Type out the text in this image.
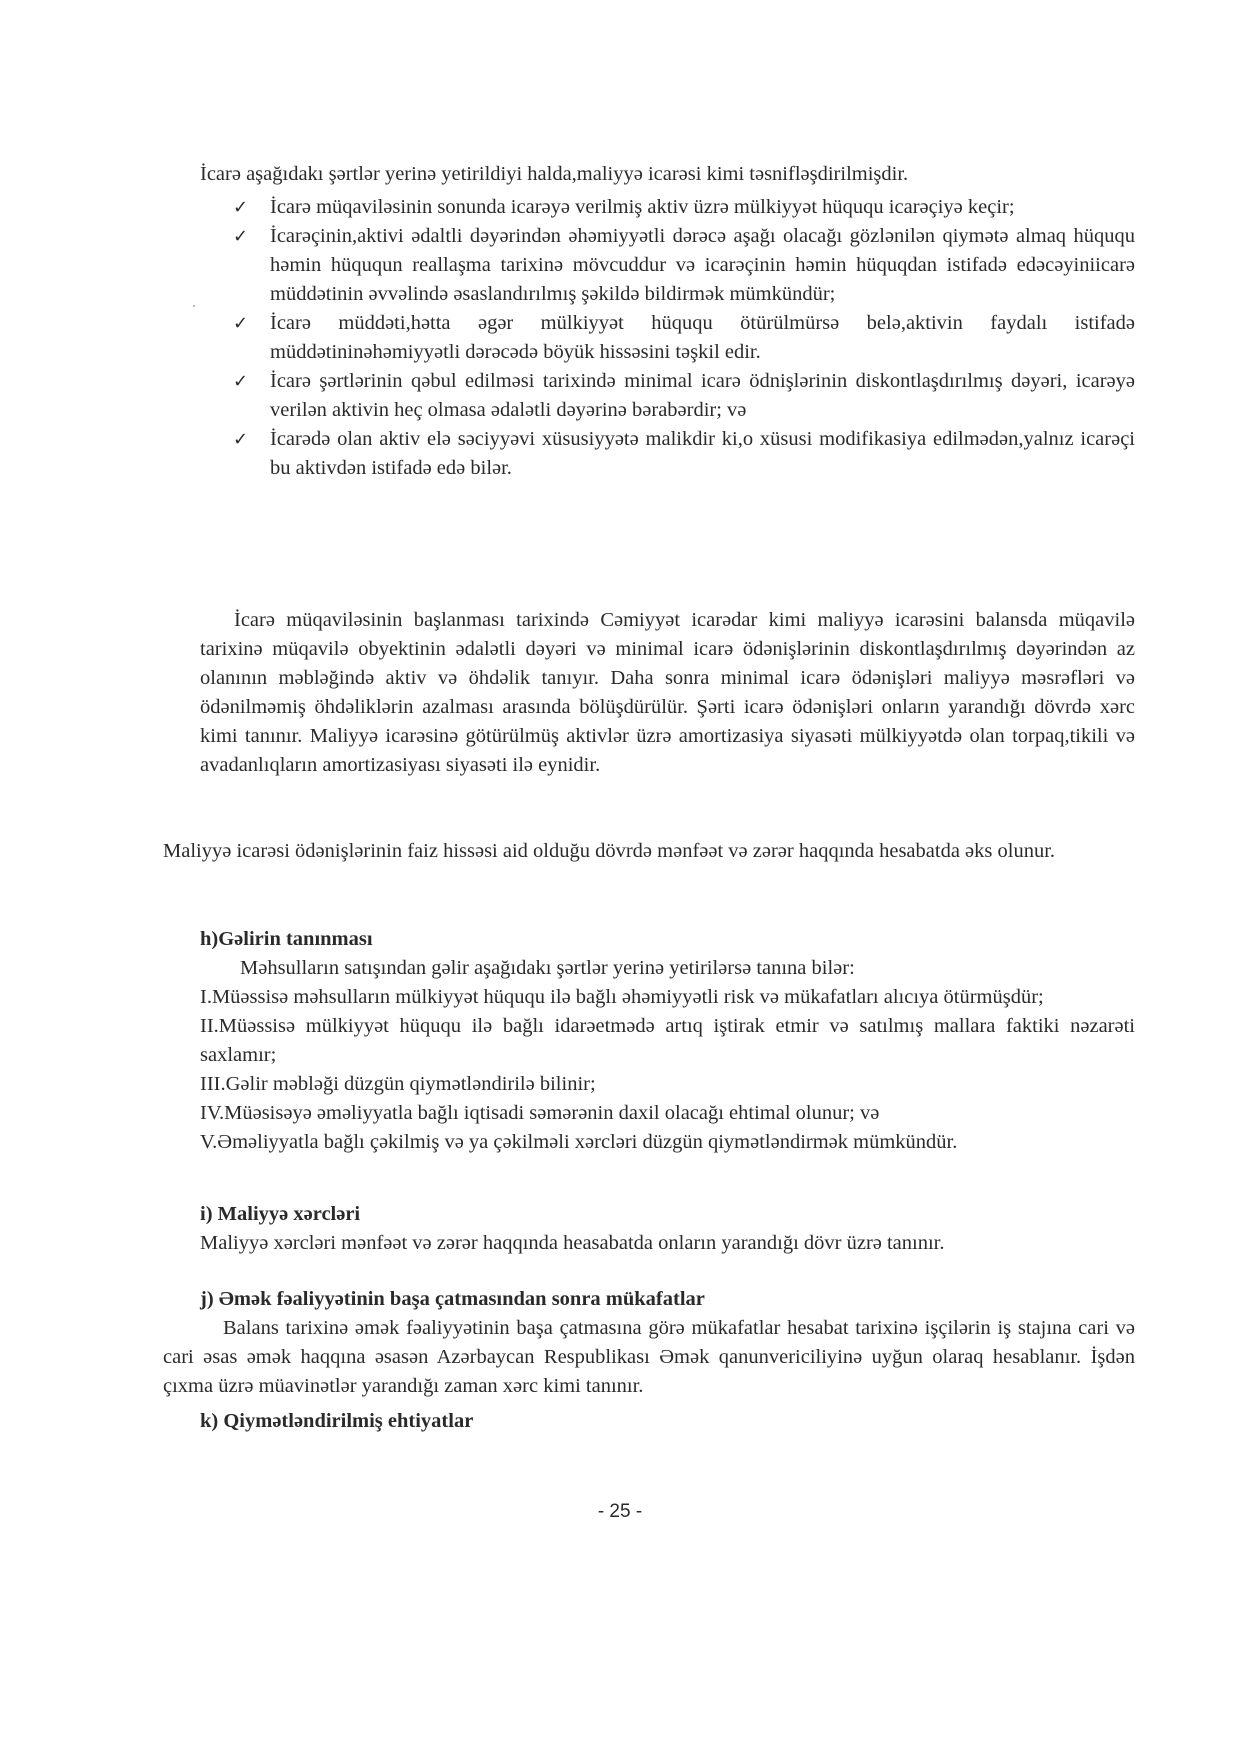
İcarə aşağıdakı şərtlər yerinə yetirildiyi halda,maliyyə icarəsi kimi təsnifləşdirilmişdir.
✓ İcarə müqaviləsinin sonunda icarəyə verilmiş aktiv üzrə mülkiyyət hüququ icarəçiyə keçir;
✓ İcarəçinin,aktivi ədaltli dəyərindən əhəmiyyətli dərəcə aşağı olacağı gözlənilən qiymətə almaq hüququ həmin hüququn reallaşma tarixinə mövcuddur və icarəçinin həmin hüquqdan istifadə edəcəyiniicarə müddətinin əvvəlində əsaslandırılmış şəkildə bildirmək mümkündür;
✓ İcarə müddəti,hətta əgər mülkiyyət hüququ ötürülmürsə belə,aktivin faydalı istifadə müddətininəhəmiyyətli dərəcədə böyük hissəsini təşkil edir.
✓ İcarə şərtlərinin qəbul edilməsi tarixində minimal icarə ödnişlərinin diskontlaşdırılmış dəyəri, icarəyə verilən aktivin heç olmasa ədalətli dəyərinə bərabərdir; və
✓ İcarədə olan aktiv elə səciyyəvi xüsusiyyətə malikdir ki,o xüsusi modifikasiya edilmədən,yalnız icarəçi bu aktivdən istifadə edə bilər.

İcarə müqaviləsinin başlanması tarixində Cəmiyyət icarədar kimi maliyyə icarəsini balansda müqavilə tarixinə müqavilə obyektinin ədalətli dəyəri və minimal icarə ödənişlərinin diskontlaşdırılmış dəyərindən az olanının məbləğində aktiv və öhdəlik tanıyır. Daha sonra minimal icarə ödənişləri maliyyə məsrəfləri və ödənilməmiş öhdəliklərin azalması arasında bölüşdürülür. Şərti icarə ödənişləri onların yarandığı dövrdə xərc kimi tanınır. Maliyyə icarəsinə götürülmüş aktivlər üzrə amortizasiya siyasəti mülkiyyətdə olan torpaq,tikili və avadanlıqların amortizasiyası siyasəti ilə eynidir.

Maliyyə icarəsi ödənişlərinin faiz hissəsi aid olduğu dövrdə mənfəət və zərər haqqında hesabatda əks olunur.

h)Gəlirin tanınması
Məhsulların satışından gəlir aşağıdakı şərtlər yerinə yetirilərsə tanına bilər:
I.Müəssisə məhsulların mülkiyyət hüququ ilə bağlı əhəmiyyətli risk və mükafatları alıcıya ötürmüşdür;
II.Müəssisə mülkiyyət hüququ ilə bağlı idarəetmədə artıq iştirak etmir və satılmış mallara faktiki nəzarəti saxlamır;
III.Gəlir məbləği düzgün qiymətləndirilə bilinir;
IV.Müəsisəyə əməliyyatla bağlı iqtisadi səmərənin daxil olacağı ehtimal olunur; və
V.Əməliyyatla bağlı çəkilmiş və ya çəkilməli xərcləri düzgün qiymətləndirmək mümkündür.
i) Maliyyə xərcləri
Maliyyə xərcləri mənfəət və zərər haqqında heasabatda onların yarandığı dövr üzrə tanınır.
j) Əmək fəaliyyətinin başa çatmasından sonra mükafatlar
Balans tarixinə əmək fəaliyyətinin başa çatmasına görə mükafatlar hesabat tarixinə işçilərin iş stajına cari və cari əsas əmək haqqına əsasən Azərbaycan Respublikası Əmək qanunvericiliyinə uyğun olaraq hesablanır. İşdən çıxma üzrə müavinətlər yarandığı zaman xərc kimi tanınır.
k) Qiymətləndirilmiş ehtiyatlar
- 25 -
